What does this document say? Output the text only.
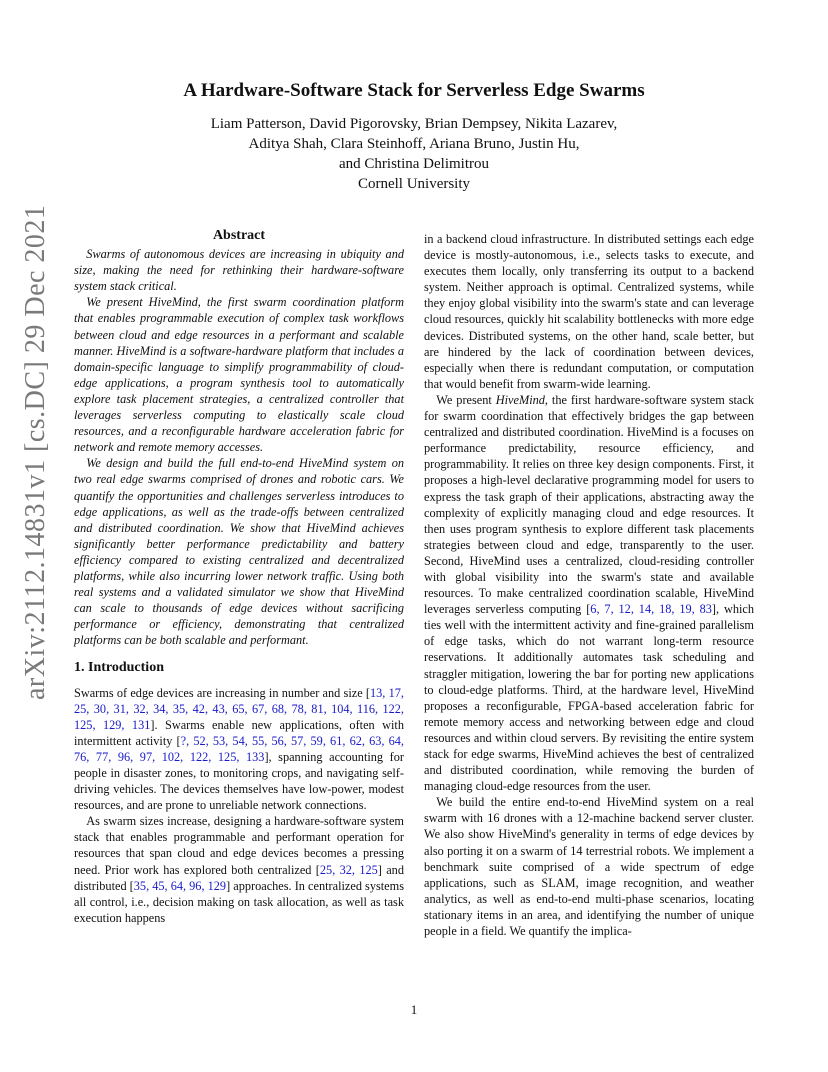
arXiv:2112.14831v1 [cs.DC] 29 Dec 2021
A Hardware-Software Stack for Serverless Edge Swarms
Liam Patterson, David Pigorovsky, Brian Dempsey, Nikita Lazarev,
Aditya Shah, Clara Steinhoff, Ariana Bruno, Justin Hu,
and Christina Delimitrou
Cornell University
Abstract

Swarms of autonomous devices are increasing in ubiquity and size, making the need for rethinking their hardware-software system stack critical.

We present HiveMind, the first swarm coordination platform that enables programmable execution of complex task workflows between cloud and edge resources in a performant and scalable manner. HiveMind is a software-hardware platform that includes a domain-specific language to simplify programmability of cloud-edge applications, a program synthesis tool to automatically explore task placement strategies, a centralized controller that leverages serverless computing to elastically scale cloud resources, and a reconfigurable hardware acceleration fabric for network and remote memory accesses.

We design and build the full end-to-end HiveMind system on two real edge swarms comprised of drones and robotic cars. We quantify the opportunities and challenges serverless introduces to edge applications, as well as the trade-offs between centralized and distributed coordination. We show that HiveMind achieves significantly better performance predictability and battery efficiency compared to existing centralized and decentralized platforms, while also incurring lower network traffic. Using both real systems and a validated simulator we show that HiveMind can scale to thousands of edge devices without sacrificing performance or efficiency, demonstrating that centralized platforms can be both scalable and performant.

1. Introduction

Swarms of edge devices are increasing in number and size [13, 17, 25, 30, 31, 32, 34, 35, 42, 43, 65, 67, 68, 78, 81, 104, 116, 122, 125, 129, 131]. Swarms enable new applications, often with intermittent activity [?, 52, 53, 54, 55, 56, 57, 59, 61, 62, 63, 64, 76, 77, 96, 97, 102, 122, 125, 133], spanning accounting for people in disaster zones, to monitoring crops, and navigating self-driving vehicles. The devices themselves have low-power, modest resources, and are prone to unreliable network connections.

As swarm sizes increase, designing a hardware-software system stack that enables programmable and performant operation for resources that span cloud and edge devices becomes a pressing need. Prior work has explored both centralized [25, 32, 125] and distributed [35, 45, 64, 96, 129] approaches. In centralized systems all control, i.e., decision making on task allocation, as well as task execution happens

in a backend cloud infrastructure. In distributed settings each edge device is mostly-autonomous, i.e., selects tasks to execute, and executes them locally, only transferring its output to a backend system. Neither approach is optimal. Centralized systems, while they enjoy global visibility into the swarm's state and can leverage cloud resources, quickly hit scalability bottlenecks with more edge devices. Distributed systems, on the other hand, scale better, but are hindered by the lack of coordination between devices, especially when there is redundant computation, or computation that would benefit from swarm-wide learning.

We present HiveMind, the first hardware-software system stack for swarm coordination that effectively bridges the gap between centralized and distributed coordination. HiveMind is a focuses on performance predictability, resource efficiency, and programmability. It relies on three key design components. First, it proposes a high-level declarative programming model for users to express the task graph of their applications, abstracting away the complexity of explicitly managing cloud and edge resources. It then uses program synthesis to explore different task placements strategies between cloud and edge, transparently to the user. Second, HiveMind uses a centralized, cloud-residing controller with global visibility into the swarm's state and available resources. To make centralized coordination scalable, HiveMind leverages serverless computing [6, 7, 12, 14, 18, 19, 83], which ties well with the intermittent activity and fine-grained parallelism of edge tasks, which do not warrant long-term resource reservations. It additionally automates task scheduling and straggler mitigation, lowering the bar for porting new applications to cloud-edge platforms. Third, at the hardware level, HiveMind proposes a reconfigurable, FPGA-based acceleration fabric for remote memory access and networking between edge and cloud resources and within cloud servers. By revisiting the entire system stack for edge swarms, HiveMind achieves the best of centralized and distributed coordination, while removing the burden of managing cloud-edge resources from the user.

We build the entire end-to-end HiveMind system on a real swarm with 16 drones with a 12-machine backend server cluster. We also show HiveMind's generality in terms of edge devices by also porting it on a swarm of 14 terrestrial robots. We implement a benchmark suite comprised of a wide spectrum of edge applications, such as SLAM, image recognition, and weather analytics, as well as end-to-end multi-phase scenarios, locating stationary items in an area, and identifying the number of unique people in a field. We quantify the implica-

1
